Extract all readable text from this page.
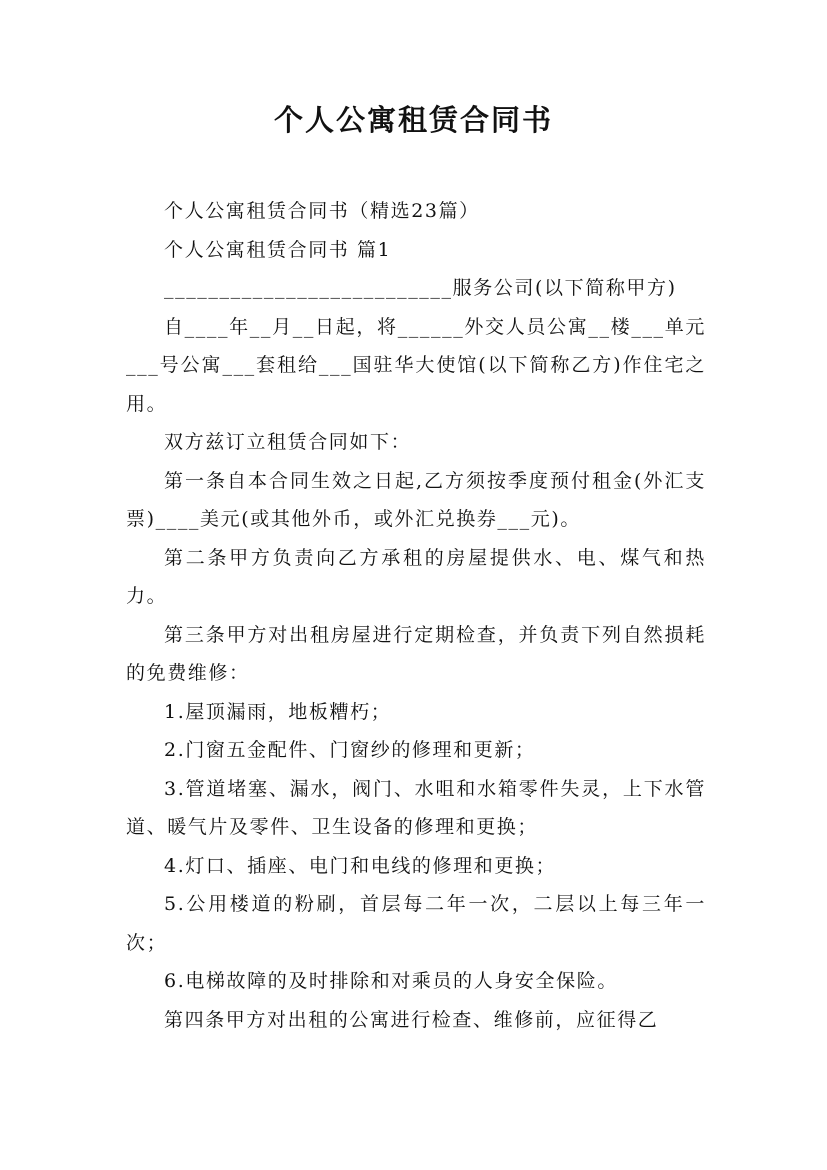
个人公寓租赁合同书

个人公寓租赁合同书（精选23篇）

个人公寓租赁合同书 篇1

__________________________服务公司(以下简称甲方)

自____年__月__日起，将______外交人员公寓__楼___单元___号公寓___套租给___国驻华大使馆(以下简称乙方)作住宅之用。

双方兹订立租赁合同如下：

第一条自本合同生效之日起,乙方须按季度预付租金(外汇支票)____美元(或其他外币，或外汇兑换券___元)。

第二条甲方负责向乙方承租的房屋提供水、电、煤气和热力。

第三条甲方对出租房屋进行定期检查，并负责下列自然损耗的免费维修：

1.屋顶漏雨，地板糟朽；

2.门窗五金配件、门窗纱的修理和更新；

3.管道堵塞、漏水，阀门、水咀和水箱零件失灵，上下水管道、暖气片及零件、卫生设备的修理和更换；

4.灯口、插座、电门和电线的修理和更换；

5.公用楼道的粉刷，首层每二年一次，二层以上每三年一次；

6.电梯故障的及时排除和对乘员的人身安全保险。

第四条甲方对出租的公寓进行检查、维修前，应征得乙
